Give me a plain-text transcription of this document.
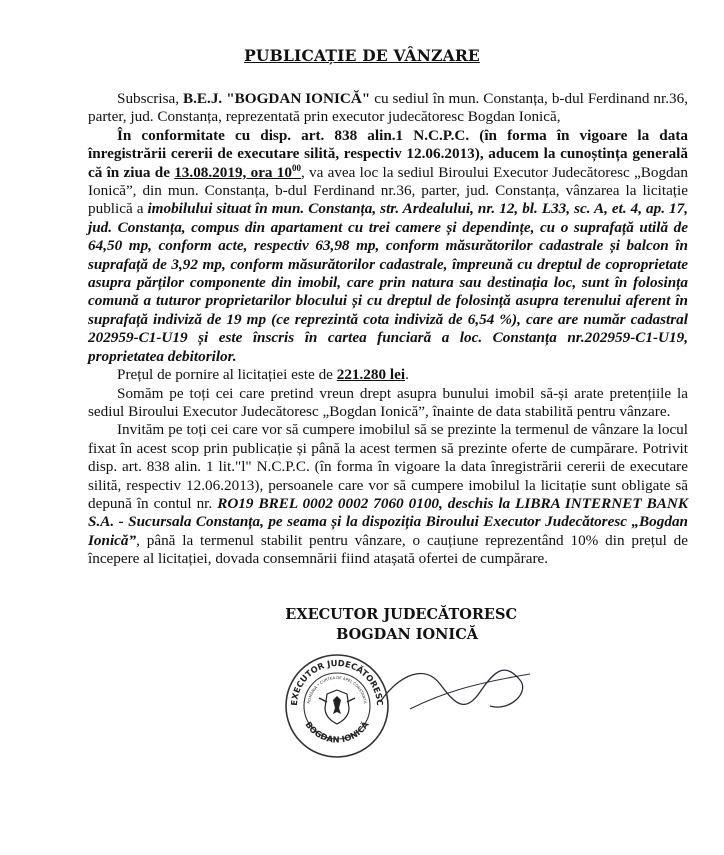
PUBLICAȚIE DE VÂNZARE

Subscrisa, B.E.J. "BOGDAN IONICĂ" cu sediul în mun. Constanța, b-dul Ferdinand nr.36, parter, jud. Constanța, reprezentată prin executor judecătoresc Bogdan Ionică,

În conformitate cu disp. art. 838 alin.1 N.C.P.C. (în forma în vigoare la data înregistrării cererii de executare silită, respectiv 12.06.2013), aducem la cunoștința generală că în ziua de 13.08.2019, ora $10^{00}$, va avea loc la sediul Biroului Executor Judecătoresc „Bogdan Ionică”, din mun. Constanța, b-dul Ferdinand nr.36, parter, jud. Constanța, vânzarea la licitație publică a imobilului situat în mun. Constanța, str. Ardealului, nr. 12, bl. L33, sc. A, et. 4, ap. 17, jud. Constanța, compus din apartament cu trei camere și dependințe, cu o suprafață utilă de 64,50 mp, conform acte, respectiv 63,98 mp, conform măsurătorilor cadastrale și balcon în suprafață de 3,92 mp, conform măsurătorilor cadastrale, împreună cu dreptul de coproprietate asupra părților componente din imobil, care prin natura sau destinația loc, sunt în folosința comună a tuturor proprietarilor blocului și cu dreptul de folosință asupra terenului aferent în suprafață indiviză de 19 mp (ce reprezintă cota indiviză de 6,54 %), care are număr cadastral 202959-C1-U19 și este înscris în cartea funciară a loc. Constanța nr.202959-C1-U19, proprietatea debitorilor.

Prețul de pornire al licitației este de 221.280 lei.

Somăm pe toți cei care pretind vreun drept asupra bunului imobil să-și arate pretențiile la sediul Biroului Executor Judecătoresc „Bogdan Ionică”, înainte de data stabilită pentru vânzare.

Invităm pe toți cei care vor să cumpere imobilul să se prezinte la termenul de vânzare la locul fixat în acest scop prin publicație și până la acest termen să prezinte oferte de cumpărare. Potrivit disp. art. 838 alin. 1 lit."l" N.C.P.C. (în forma în vigoare la data înregistrării cererii de executare silită, respectiv 12.06.2013), persoanele care vor să cumpere imobilul la licitație sunt obligate să depună în contul nr. RO19 BREL 0002 0002 7060 0100, deschis la LIBRA INTERNET BANK S.A. - Sucursala Constanța, pe seama și la dispoziția Biroului Executor Judecătoresc „Bogdan Ionică”, până la termenul stabilit pentru vânzare, o cauțiune reprezentând 10% din prețul de începere al licitației, dovada consemnării fiind atașată ofertei de cumpărare.

EXECUTOR JUDECĂTORESC
BOGDAN IONICĂ
EXECUTOR JUDECĂTORESC
BOGDAN IONICĂ
ROMÂNIA • CURTEA DE APEL CONSTANȚA
